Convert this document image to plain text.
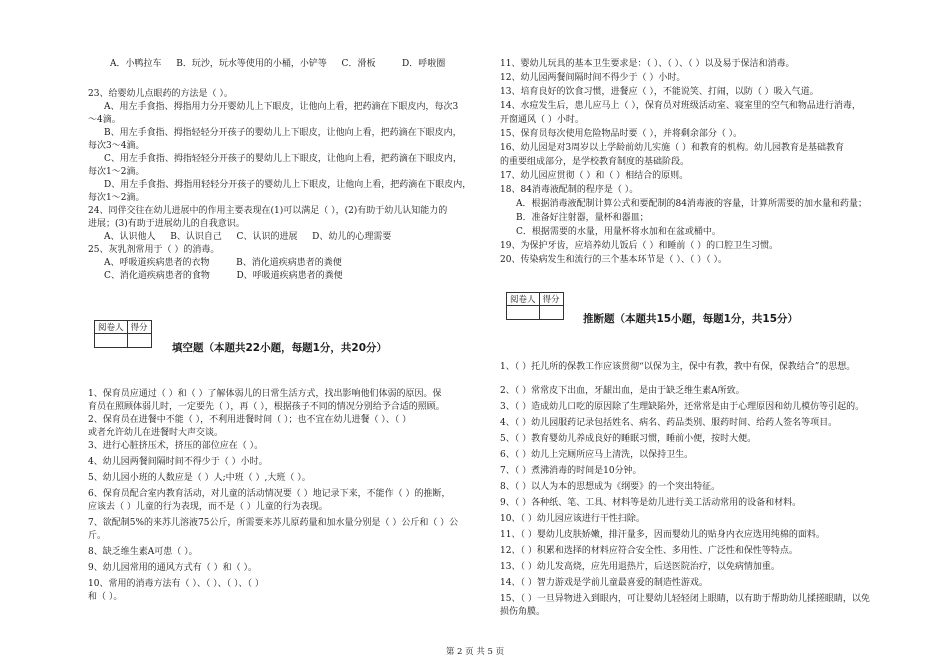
A．小鸭拉车 　 B．玩沙，玩水等使用的小桶，小铲等 　 C．滑板 　 　 D．呼啦圈
23、给婴幼儿点眼药的方法是（ ）。
A、用左手食指、拇指用力分开婴幼儿上下眼皮，让他向上看，把药滴在下眼皮内，每次3
～4滴。
B、用左手食指、拇指轻轻分开孩子的婴幼儿上下眼皮，让他向上看，把药滴在下眼皮内，
每次3～4滴。
C、用左手食指、拇指轻轻分开孩子的婴幼儿上下眼皮，让他向上看，把药滴在下眼皮内，
每次1～2滴。
D、用左手食指、拇指用轻轻分开孩子的婴幼儿上下眼皮，让他向上看，把药滴在下眼皮内，
每次1～2滴。
24、同伴交往在幼儿进展中的作用主要表现在(1)可以满足（ ），(2)有助于幼儿认知能力的
进展；(3)有助于进展幼儿的自我意识。
A、认识他人 　 B、认识自己 　 C、认识的进展 　 D、幼儿的心理需要
25、灰乳剂常用于（ ）的消毒。
A、呼吸道疾病患者的衣物 　 　 B、消化道疾病患者的粪便
C、消化道疾病患者的食物 　 　 D、呼吸道疾病患者的粪便
1、保育员应通过（ ）和（ ）了解体弱儿的日常生活方式，找出影响他们体弱的原因。保
育员在照顾体弱儿时，一定要先（ ），再（ ），根据孩子不同的情况分别给予合适的照顾。
2、保育员在进餐中不能（ ），不利用进餐时间（ ）；也不宜在幼儿进餐（ ）、（ ）
或者允许幼儿在进餐时大声交谈。
3、进行心脏挤压术，挤压的部位应在（ ）。
4、幼儿园两餐间隔时间不得少于（ ）小时。
5、幼儿园小班的人数应是（ ）人;中班（ ）,大班（ ）。
6、保育员配合室内教育活动，对儿童的活动情况要（ ）地记录下来，不能作（ ）的推断，
应该去（ ）儿童的行为表现，而不是（ ）儿童的行为表现。
7、欲配制5%的来苏儿溶液75公斤，所需要来苏儿原药量和加水量分别是（ ）公斤和（ ）公
斤。
8、缺乏维生素A可患（ ）。
9、幼儿园常用的通风方式有（ ）和（ ）。
10、常用的消毒方法有（ ）、（ ）、（ ）、（ ）
和（ ）。
11、婴幼儿玩具的基本卫生要求是：（ ）、（ ）、（ ）以及易于保洁和消毒。
12、幼儿园两餐间隔时间不得少于（ ）小时。
13、培育良好的饮食习惯，进餐应（ ），不能说笑、打闹，以防（ ）吸入气道。
14、水痘发生后，患儿应马上（ ），保育员对班级活动室、寝室里的空气和物品进行消毒，
开窗通风（ ）小时。
15、保育员每次使用危险物品时要（ ），并将剩余部分（ ）。
16、幼儿园是对3周岁以上学龄前幼儿实施（ ）和教育的机构。幼儿园教育是基础教育
的重要组成部分，是学校教育制度的基础阶段。
17、幼儿园应贯彻（ ）和（ ）相结合的原则。
18、84消毒液配制的程序是（ ）。
A．根据消毒液配制计算公式和要配制的84消毒液的容量，计算所需要的加水量和药量；
B．准备好注射器，量杯和器皿；
C．根据需要的水量，用量杯将水加和在盆或桶中。
19、为保护牙齿，应培养幼儿饭后（ ）和睡前（ ）的口腔卫生习惯。
20、传染病发生和流行的三个基本环节是（ ）、（ ）（ ）。
1、（ ）托儿所的保教工作应该贯彻“以保为主，保中有教，教中有保，保教结合”的思想。
2、（ ）常常皮下出血，牙龈出血，是由于缺乏维生素A所致。
3、（ ）造成幼儿口吃的原因除了生理缺陷外，还常常是由于心理原因和幼儿模仿等引起的。
4、（ ）幼儿园服药记录包括姓名、病名、药品类别、服药时间、给药人签名等项目。
5、（ ）教育婴幼儿养成良好的睡眠习惯，睡前小便，按时大便。
6、（ ）幼儿上完厕所应马上清洗，以保持卫生。
7、（ ）煮沸消毒的时间是10分钟。
8、（ ）以人为本的思想成为《纲要》的一个突出特征。
9、（ ）各种纸、笔、工具、材料等是幼儿进行美工活动常用的设备和材料。
10、（ ）幼儿园应该进行干性扫除。
11、（ ）婴幼儿皮肤娇嫩，排汗量多，因而婴幼儿的贴身内衣应选用纯棉的面料。
12、（ ）积累和选择的材料应符合安全性、多用性、广泛性和保性等特点。
13、（ ）幼儿发高烧，应先用退热片，后送医院治疗，以免病情加重。
14、（ ）智力游戏是学前儿童最喜爱的制造性游戏。
15、（ ）一旦异物进入到眼内，可让婴幼儿轻轻闭上眼睛，以有助于帮助幼儿揉搓眼睛，以免
损伤角膜。
阅卷人	得分

填空题（本题共22小题，每题1分，共20分）
阅卷人	得分

推断题（本题共15小题，每题1分，共15分）
第 2 页 共 5 页
